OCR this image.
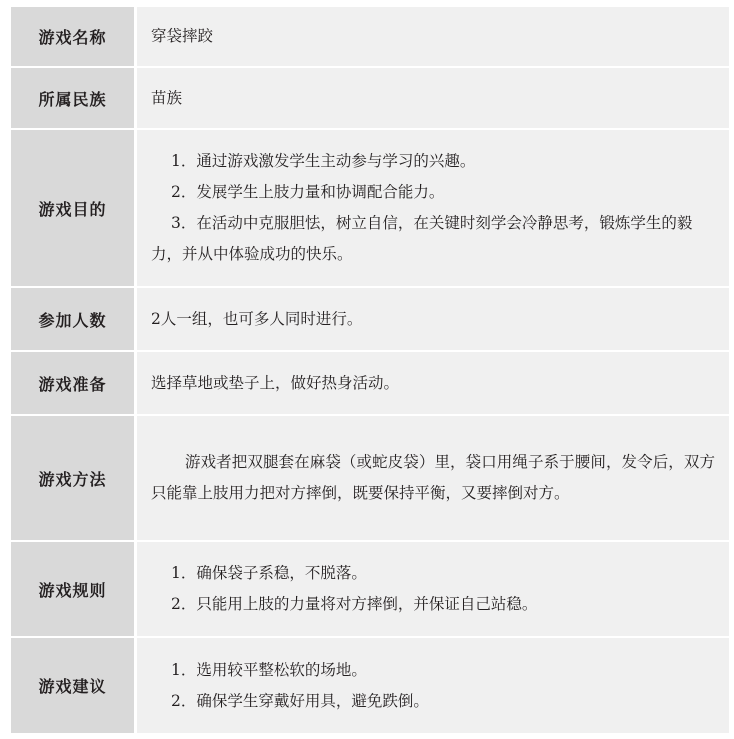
游戏名称	穿袋摔跤
所属民族	苗族
游戏目的	1．通过游戏激发学生主动参与学习的兴趣。
2．发展学生上肢力量和协调配合能力。
3．在活动中克服胆怯，树立自信，在关键时刻学会冷静思考，锻炼学生的毅力，并从中体验成功的快乐。

参加人数	2人一组，也可多人同时进行。
游戏准备	选择草地或垫子上，做好热身活动。
游戏方法	游戏者把双腿套在麻袋（或蛇皮袋）里，袋口用绳子系于腰间，发令后，双方只能靠上肢用力把对方摔倒，既要保持平衡，又要摔倒对方。
游戏规则	1．确保袋子系稳，不脱落。
2．只能用上肢的力量将对方摔倒，并保证自己站稳。

游戏建议	1．选用较平整松软的场地。
2．确保学生穿戴好用具，避免跌倒。
